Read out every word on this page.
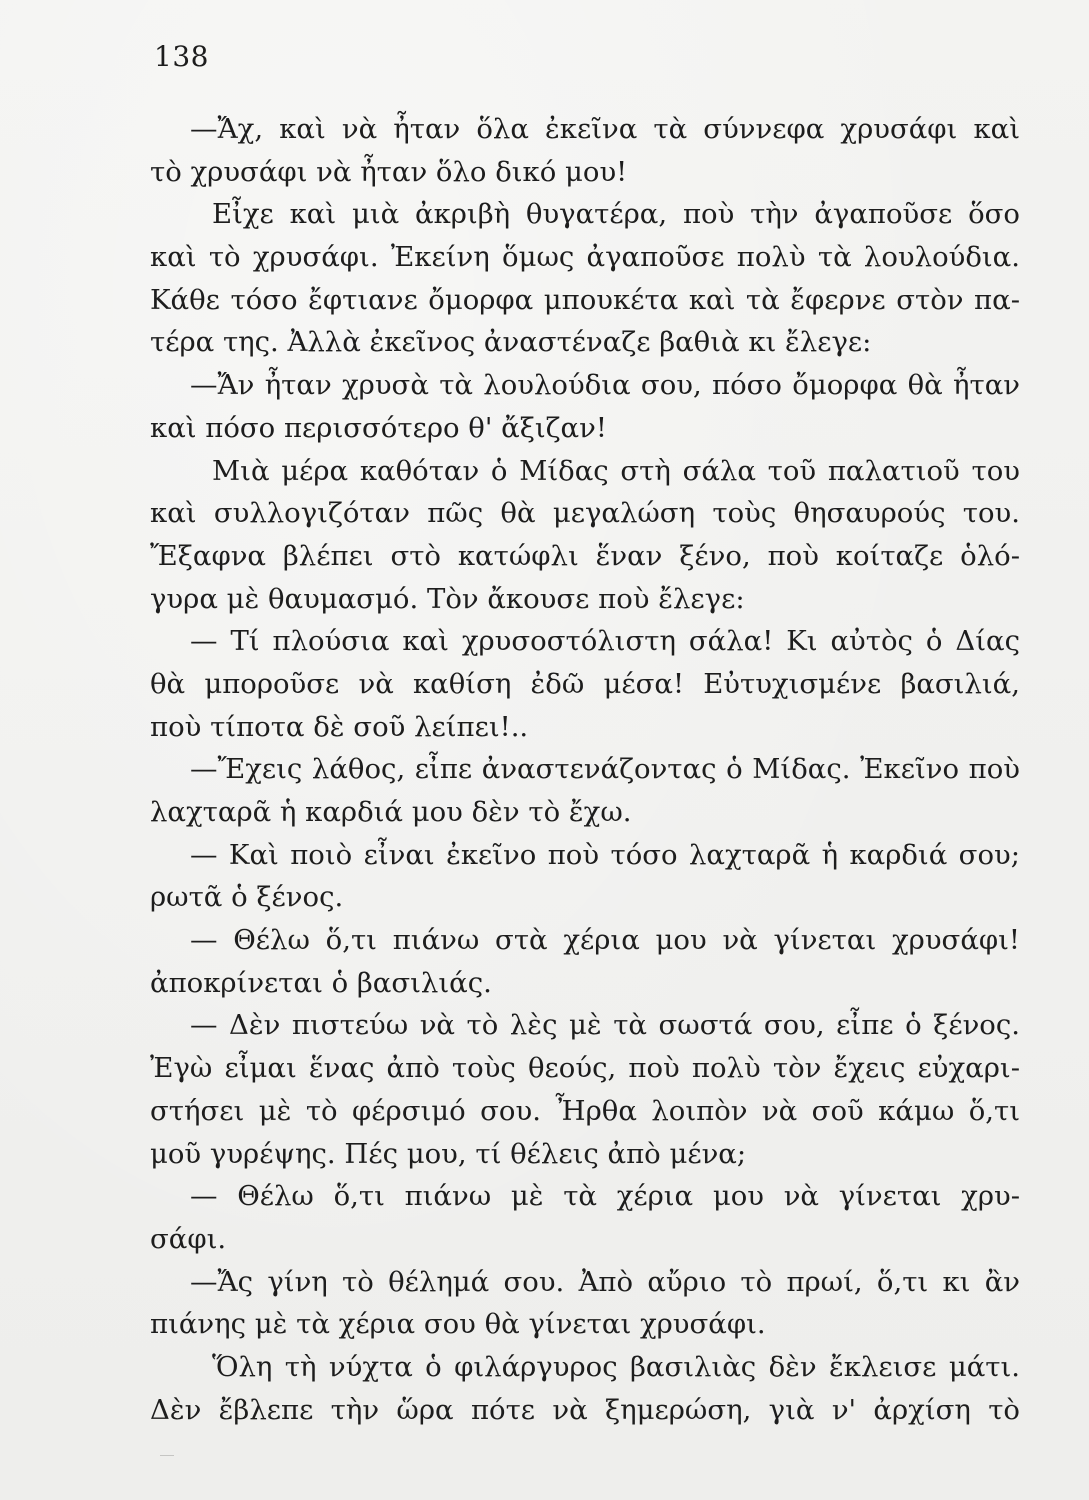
138
—Ἄχ, καὶ νὰ ἦταν ὅλα ἐκεῖνα τὰ σύννεφα χρυσάφι καὶ
τὸ χρυσάφι νὰ ἦταν ὅλο δικό μου!
Εἶχε καὶ μιὰ ἀκριβὴ θυγατέρα, ποὺ τὴν ἀγαποῦσε ὅσο
καὶ τὸ χρυσάφι. Ἐκείνη ὅμως ἀγαποῦσε πολὺ τὰ λουλούδια.
Κάθε τόσο ἔφτιανε ὄμορφα μπουκέτα καὶ τὰ ἔφερνε στὸν πα-
τέρα της. Ἀλλὰ ἐκεῖνος ἀναστέναζε βαθιὰ κι ἔλεγε:
—Ἄν ἦταν χρυσὰ τὰ λουλούδια σου, πόσο ὄμορφα θὰ ἦταν
καὶ πόσο περισσότερο θ' ἄξιζαν!
Μιὰ μέρα καθόταν ὁ Μίδας στὴ σάλα τοῦ παλατιοῦ του
καὶ συλλογιζόταν πῶς θὰ μεγαλώση τοὺς θησαυρούς του.
Ἔξαφνα βλέπει στὸ κατώφλι ἕναν ξένο, ποὺ κοίταζε ὁλό-
γυρα μὲ θαυμασμό. Τὸν ἄκουσε ποὺ ἔλεγε:
— Τί πλούσια καὶ χρυσοστόλιστη σάλα! Κι αὐτὸς ὁ Δίας
θὰ μποροῦσε νὰ καθίση ἐδῶ μέσα! Εὐτυχισμένε βασιλιά,
ποὺ τίποτα δὲ σοῦ λείπει!..
—Ἔχεις λάθος, εἶπε ἀναστενάζοντας ὁ Μίδας. Ἐκεῖνο ποὺ
λαχταρᾶ ἡ καρδιά μου δὲν τὸ ἔχω.
— Καὶ ποιὸ εἶναι ἐκεῖνο ποὺ τόσο λαχταρᾶ ἡ καρδιά σου;
ρωτᾶ ὁ ξένος.
— Θέλω ὅ,τι πιάνω στὰ χέρια μου νὰ γίνεται χρυσάφι!
ἀποκρίνεται ὁ βασιλιάς.
— Δὲν πιστεύω νὰ τὸ λὲς μὲ τὰ σωστά σου, εἶπε ὁ ξένος.
Ἐγὼ εἶμαι ἕνας ἀπὸ τοὺς θεούς, ποὺ πολὺ τὸν ἔχεις εὐχαρι-
στήσει μὲ τὸ φέρσιμό σου. Ἦρθα λοιπὸν νὰ σοῦ κάμω ὅ,τι
μοῦ γυρέψης. Πές μου, τί θέλεις ἀπὸ μένα;
— Θέλω ὅ,τι πιάνω μὲ τὰ χέρια μου νὰ γίνεται χρυ-
σάφι.
—Ἄς γίνη τὸ θέλημά σου. Ἀπὸ αὔριο τὸ πρωί, ὅ,τι κι ἂν
πιάνης μὲ τὰ χέρια σου θὰ γίνεται χρυσάφι.
Ὅλη τὴ νύχτα ὁ φιλάργυρος βασιλιὰς δὲν ἔκλεισε μάτι.
Δὲν ἔβλεπε τὴν ὥρα πότε νὰ ξημερώση, γιὰ ν' ἀρχίση τὸ
